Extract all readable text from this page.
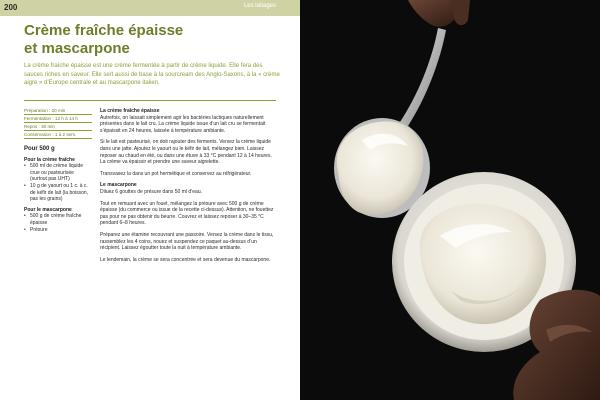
200	Les laitages
Crème fraîche épaisse
et mascarpone

La crème fraîche épaisse est une crème fermentée à partir de crème liquide. Elle fera des sauces riches en saveur. Elle sert aussi de base à la sourcream des Anglo-Saxons, à la « crème aigre » d’Europe centrale et au mascarpone italien.

Préparation : 20 min
Fermentation : 12 h à 14 h
Repos : 30 min
Conservation : 1 à 2 sem.
Pour 500 g
Pour la crème fraîche
• 500 ml de crème liquide crue ou pasteurisée (surtout pas UHT)
• 10 g de yaourt ou 1 c. à c. de kéfir de lait (la boisson, pas les grains)
Pour le mascarpone
• 500 g de crème fraîche épaisse
• Présure

La crème fraîche épaisse

Autrefois, on laissait simplement agir les bactéries lactiques naturellement présentes dans le lait cru. La crème liquide issue d’un lait cru se fermentait s’épaissit en 24 heures, laissée à température ambiante.

Si le lait est pasteurisé, on doit rajouter des ferments. Versez la crème liquide dans une jatte. Ajoutez le yaourt ou le kéfir de lait, mélangez bien. Laissez reposer au chaud en été, ou dans une étuve à 33 °C pendant 12 à 14 heures. La crème va épaissir et prendre une saveur aigrelette.

Transvasez la dans un pot hermétique et conservez au réfrigérateur.

Le mascarpone

Diluez 6 gouttes de présure dans 50 ml d’eau.

Tout en remuant avec un fouet, mélangez la présure avec 500 g de crème épaisse (du commerce ou issue de la recette ci-dessus). Attention, ne fouettez pas pour ne pas obtenir du beurre. Couvrez et laissez reposer à 30–35 °C pendant 6–8 heures.

Préparez une étamine recouvrant une passoire. Versez la crème dans le tissu, rassemblez les 4 coins, nouez et suspendez ce paquet au-dessus d’un récipient. Laissez égoutter toute la nuit à température ambiante.

Le lendemain, la crème se sera concentrée et sera devenue du mascarpone.
